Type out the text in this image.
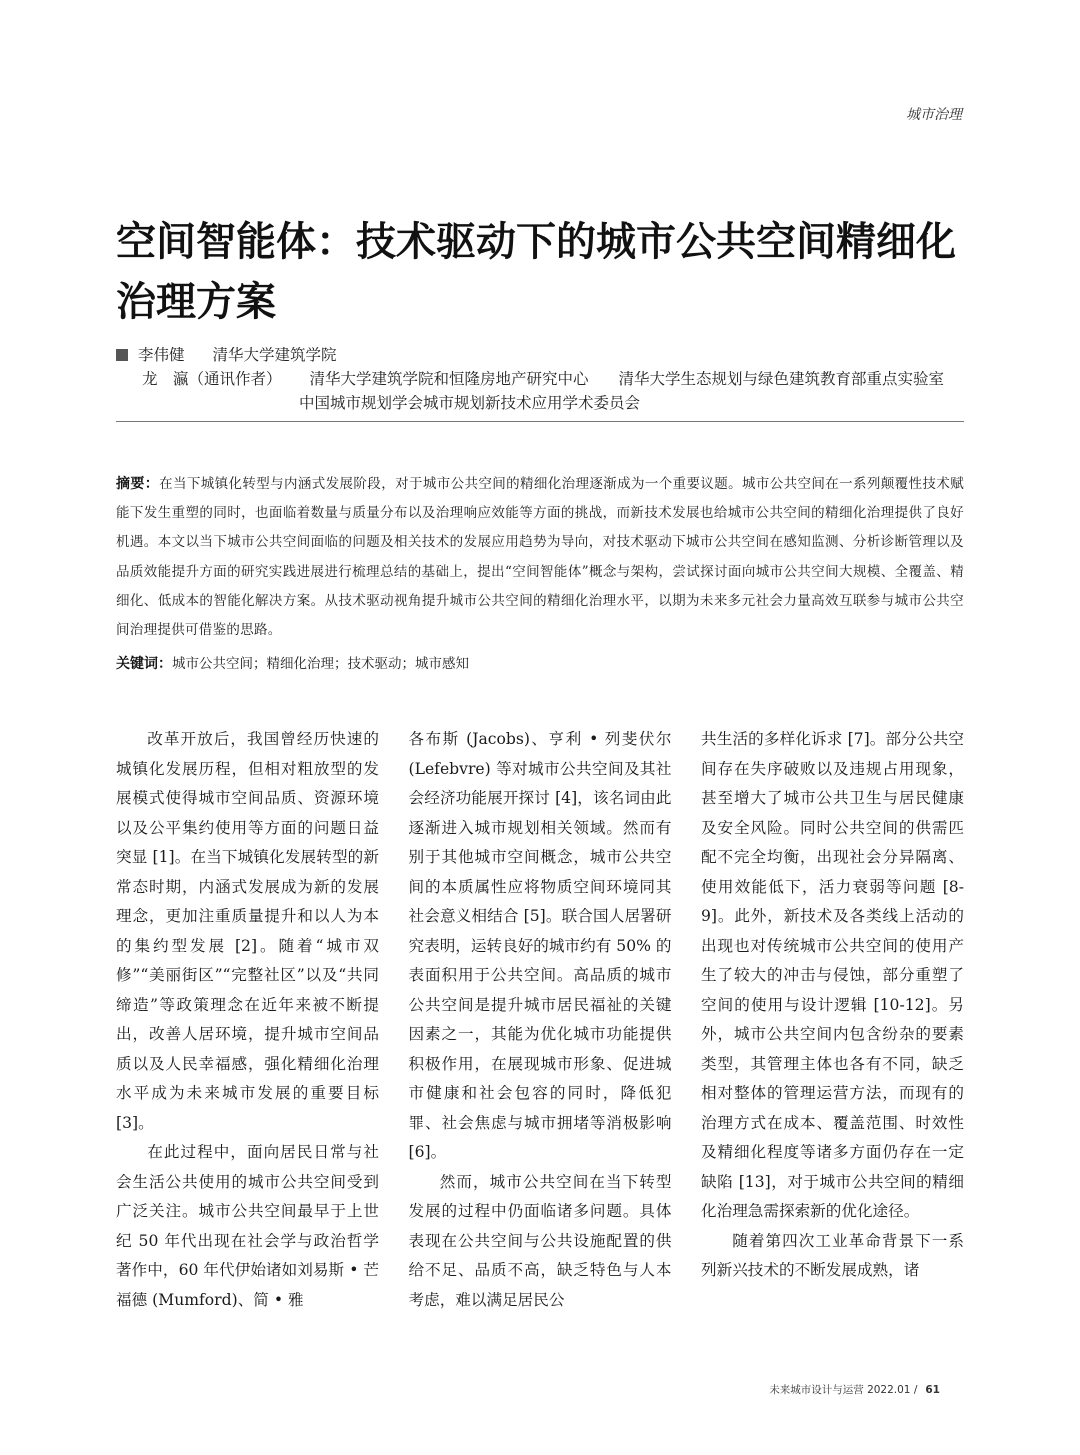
城市治理
空间智能体：技术驱动下的城市公共空间精细化治理方案
李伟健 清华大学建筑学院
龙　瀛（通讯作者） 清华大学建筑学院和恒隆房地产研究中心 清华大学生态规划与绿色建筑教育部重点实验室
中国城市规划学会城市规划新技术应用学术委员会
摘要：在当下城镇化转型与内涵式发展阶段，对于城市公共空间的精细化治理逐渐成为一个重要议题。城市公共空间在一系列颠覆性技术赋能下发生重塑的同时，也面临着数量与质量分布以及治理响应效能等方面的挑战，而新技术发展也给城市公共空间的精细化治理提供了良好机遇。本文以当下城市公共空间面临的问题及相关技术的发展应用趋势为导向，对技术驱动下城市公共空间在感知监测、分析诊断管理以及品质效能提升方面的研究实践进展进行梳理总结的基础上，提出“空间智能体”概念与架构，尝试探讨面向城市公共空间大规模、全覆盖、精细化、低成本的智能化解决方案。从技术驱动视角提升城市公共空间的精细化治理水平，以期为未来多元社会力量高效互联参与城市公共空间治理提供可借鉴的思路。
关键词：城市公共空间；精细化治理；技术驱动；城市感知

改革开放后，我国曾经历快速的城镇化发展历程，但相对粗放型的发展模式使得城市空间品质、资源环境以及公平集约使用等方面的问题日益突显 [1]。在当下城镇化发展转型的新常态时期，内涵式发展成为新的发展理念，更加注重质量提升和以人为本的集约型发展 [2]。随着“城市双修”“美丽街区”“完整社区”以及“共同缔造”等政策理念在近年来被不断提出，改善人居环境，提升城市空间品质以及人民幸福感，强化精细化治理水平成为未来城市发展的重要目标 [3]。

在此过程中，面向居民日常与社会生活公共使用的城市公共空间受到广泛关注。城市公共空间最早于上世纪 50 年代出现在社会学与政治哲学著作中，60 年代伊始诸如刘易斯 • 芒福德 (Mumford)、简 • 雅

各布斯 (Jacobs)、亨利 • 列斐伏尔 (Lefebvre) 等对城市公共空间及其社会经济功能展开探讨 [4]，该名词由此逐渐进入城市规划相关领域。然而有别于其他城市空间概念，城市公共空间的本质属性应将物质空间环境同其社会意义相结合 [5]。联合国人居署研究表明，运转良好的城市约有 50% 的表面积用于公共空间。高品质的城市公共空间是提升城市居民福祉的关键因素之一，其能为优化城市功能提供积极作用，在展现城市形象、促进城市健康和社会包容的同时，降低犯罪、社会焦虑与城市拥堵等消极影响 [6]。

然而，城市公共空间在当下转型发展的过程中仍面临诸多问题。具体表现在公共空间与公共设施配置的供给不足、品质不高，缺乏特色与人本考虑，难以满足居民公

共生活的多样化诉求 [7]。部分公共空间存在失序破败以及违规占用现象，甚至增大了城市公共卫生与居民健康及安全风险。同时公共空间的供需匹配不完全均衡，出现社会分异隔离、使用效能低下，活力衰弱等问题 [8-9]。此外，新技术及各类线上活动的出现也对传统城市公共空间的使用产生了较大的冲击与侵蚀，部分重塑了空间的使用与设计逻辑 [10-12]。另外，城市公共空间内包含纷杂的要素类型，其管理主体也各有不同，缺乏相对整体的管理运营方法，而现有的治理方式在成本、覆盖范围、时效性及精细化程度等诸多方面仍存在一定缺陷 [13]，对于城市公共空间的精细化治理急需探索新的优化途径。

随着第四次工业革命背景下一系列新兴技术的不断发展成熟，诸

未来城市设计与运营 2022.01 / 61
